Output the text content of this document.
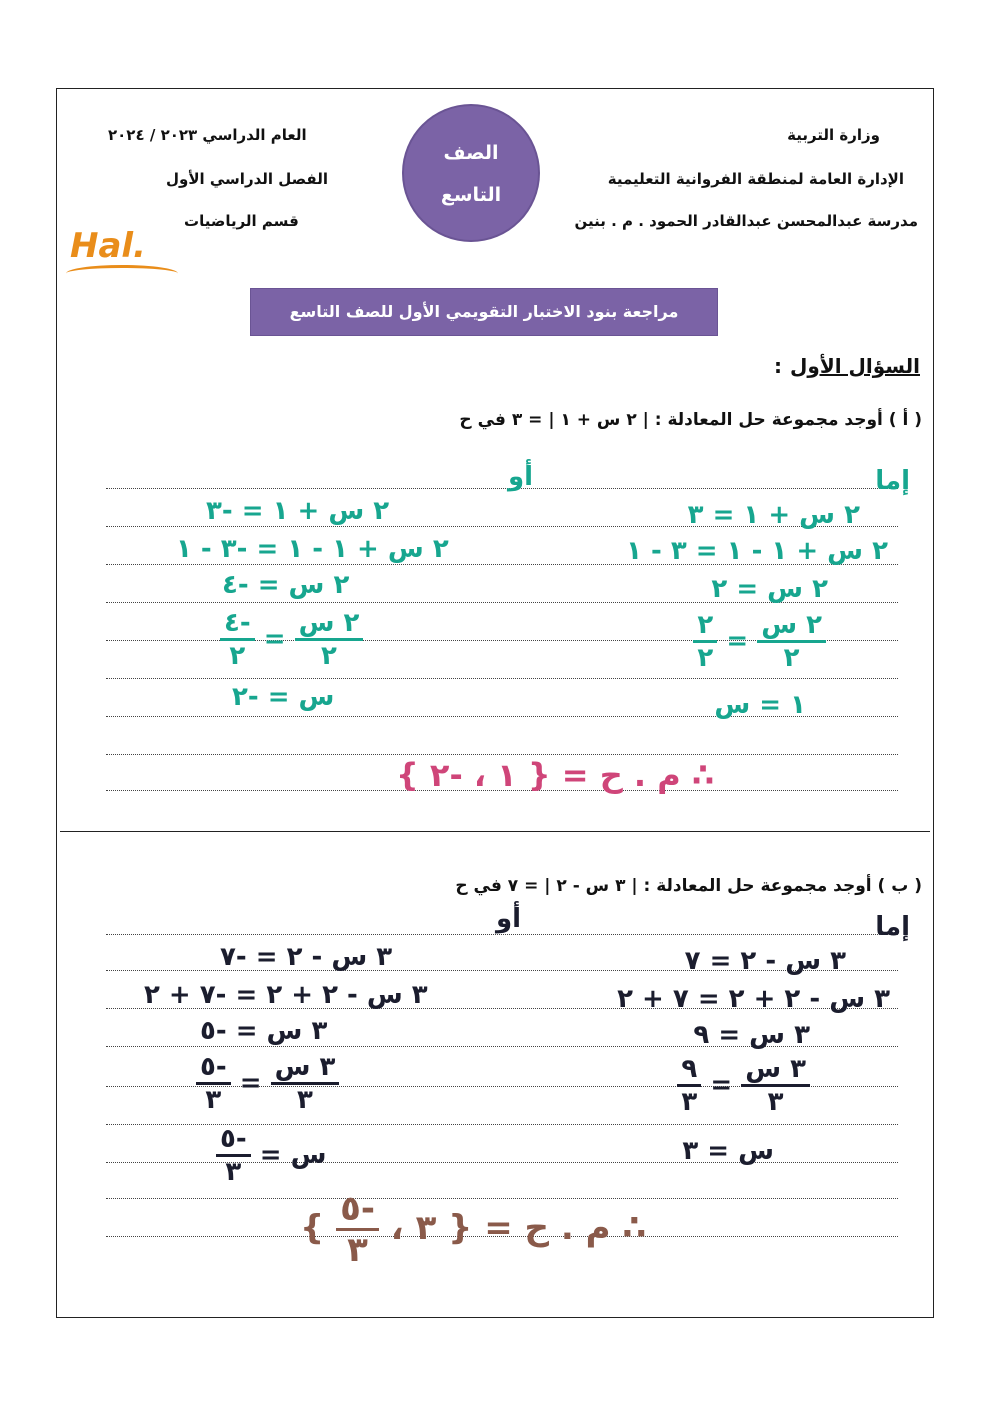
وزارة التربية
الإدارة العامة لمنطقة الفروانية التعليمية
مدرسة عبدالمحسن عبدالقادر الحمود . م . بنين
العام الدراسي ٢٠٢٣ / ٢٠٢٤
الفصل الدراسي الأول
قسم الرياضيات
الصف
التاسع
Hal.
مراجعة بنود الاختبار التقويمي الأول للصف التاسع
السؤال الأول:
( أ ) أوجد مجموعة حل المعادلة : | ٢ س + ١ | = ٣ في ح
إما
أو
٢ س + ١ = ٣
٢ س + ١ - ١ = ٣ - ١
٢ س = ٢
$\frac{\text{٢ س}}{٢}$
=
$\frac{٢}{٢}$
١ = س
٢ س + ١ = -٣
٢ س + ١ - ١ = -٣ - ١
٢ س = -٤
$\frac{\text{٢ س}}{٢}$
=
$\frac{-٤}{٢}$
س = -٢
∴ م . ح = { ١ ، -٢ }
( ب ) أوجد مجموعة حل المعادلة : | ٣ س - ٢ | = ٧ في ح
إما
أو
٣ س - ٢ = ٧
٣ س - ٢ + ٢ = ٧ + ٢
٣ س = ٩
$\frac{\text{٣ س}}{٣}$
=
$\frac{٩}{٣}$
س = ٣
٣ س - ٢ = -٧
٣ س - ٢ + ٢ = -٧ + ٢
٣ س = -٥
$\frac{\text{٣ س}}{٣}$
=
$\frac{-٥}{٣}$
س =
$\frac{-٥}{٣}$
∴ م . ح = { ٣ ،
$\frac{-٥}{٣}$
}
